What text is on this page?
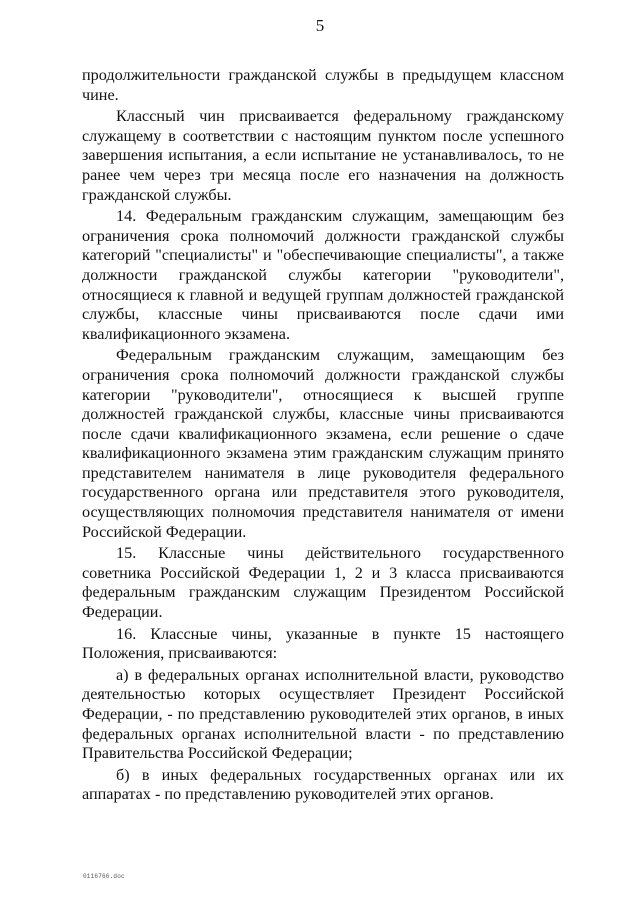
5

продолжительности гражданской службы в предыдущем классном чине.

Классный чин присваивается федеральному гражданскому служащему в соответствии с настоящим пунктом после успешного завершения испытания, а если испытание не устанавливалось, то не ранее чем через три месяца после его назначения на должность гражданской службы.

14. Федеральным гражданским служащим, замещающим без ограничения срока полномочий должности гражданской службы категорий "специалисты" и "обеспечивающие специалисты", а также должности гражданской службы категории "руководители", относящиеся к главной и ведущей группам должностей гражданской службы, классные чины присваиваются после сдачи ими квалификационного экзамена.

Федеральным гражданским служащим, замещающим без ограничения срока полномочий должности гражданской службы категории "руководители", относящиеся к высшей группе должностей гражданской службы, классные чины присваиваются после сдачи квалификационного экзамена, если решение о сдаче квалификационного экзамена этим гражданским служащим принято представителем нанимателя в лице руководителя федерального государственного органа или представителя этого руководителя, осуществляющих полномочия представителя нанимателя от имени Российской Федерации.

15. Классные чины действительного государственного советника Российской Федерации 1, 2 и 3 класса присваиваются федеральным гражданским служащим Президентом Российской Федерации.

16. Классные чины, указанные в пункте 15 настоящего Положения, присваиваются:

а) в федеральных органах исполнительной власти, руководство деятельностью которых осуществляет Президент Российской Федерации, - по представлению руководителей этих органов, в иных федеральных органах исполнительной власти - по представлению Правительства Российской Федерации;

б) в иных федеральных государственных органах или их аппаратах - по представлению руководителей этих органов.

0116766.doc
